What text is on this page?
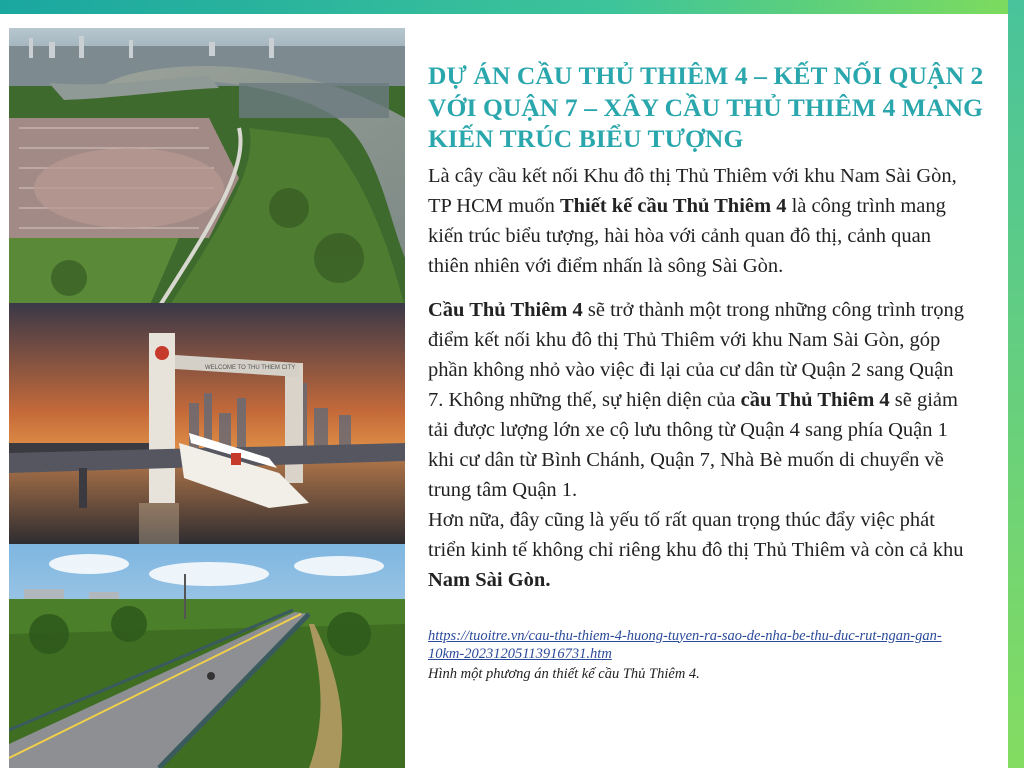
WELCOME TO THU THIEM CITY
DỰ ÁN CẦU THỦ THIÊM 4 – KẾT NỐI QUẬN 2 VỚI QUẬN 7 – XÂY CẦU THỦ THIÊM 4 MANG KIẾN TRÚC BIỂU TƯỢNG

Là cây cầu kết nối Khu đô thị Thủ Thiêm với khu Nam Sài Gòn, TP HCM muốn Thiết kế cầu Thủ Thiêm 4 là công trình mang kiến trúc biểu tượng, hài hòa với cảnh quan đô thị, cảnh quan thiên nhiên với điểm nhấn là sông Sài Gòn.

Cầu Thủ Thiêm 4 sẽ trở thành một trong những công trình trọng điểm kết nối khu đô thị Thủ Thiêm với khu Nam Sài Gòn, góp phần không nhỏ vào việc đi lại của cư dân từ Quận 2 sang Quận 7. Không những thế, sự hiện diện của cầu Thủ Thiêm 4 sẽ giảm tải được lượng lớn xe cộ lưu thông từ Quận 4 sang phía Quận 1 khi cư dân từ Bình Chánh, Quận 7, Nhà Bè muốn di chuyển về trung tâm Quận 1.

Hơn nữa, đây cũng là yếu tố rất quan trọng thúc đẩy việc phát triển kinh tế không chỉ riêng khu đô thị Thủ Thiêm và còn cả khu Nam Sài Gòn.

https://tuoitre.vn/cau-thu-thiem-4-huong-tuyen-ra-sao-de-nha-be-thu-duc-rut-ngan-gan-10km-20231205113916731.htm

Hình một phương án thiết kế cầu Thủ Thiêm 4.
